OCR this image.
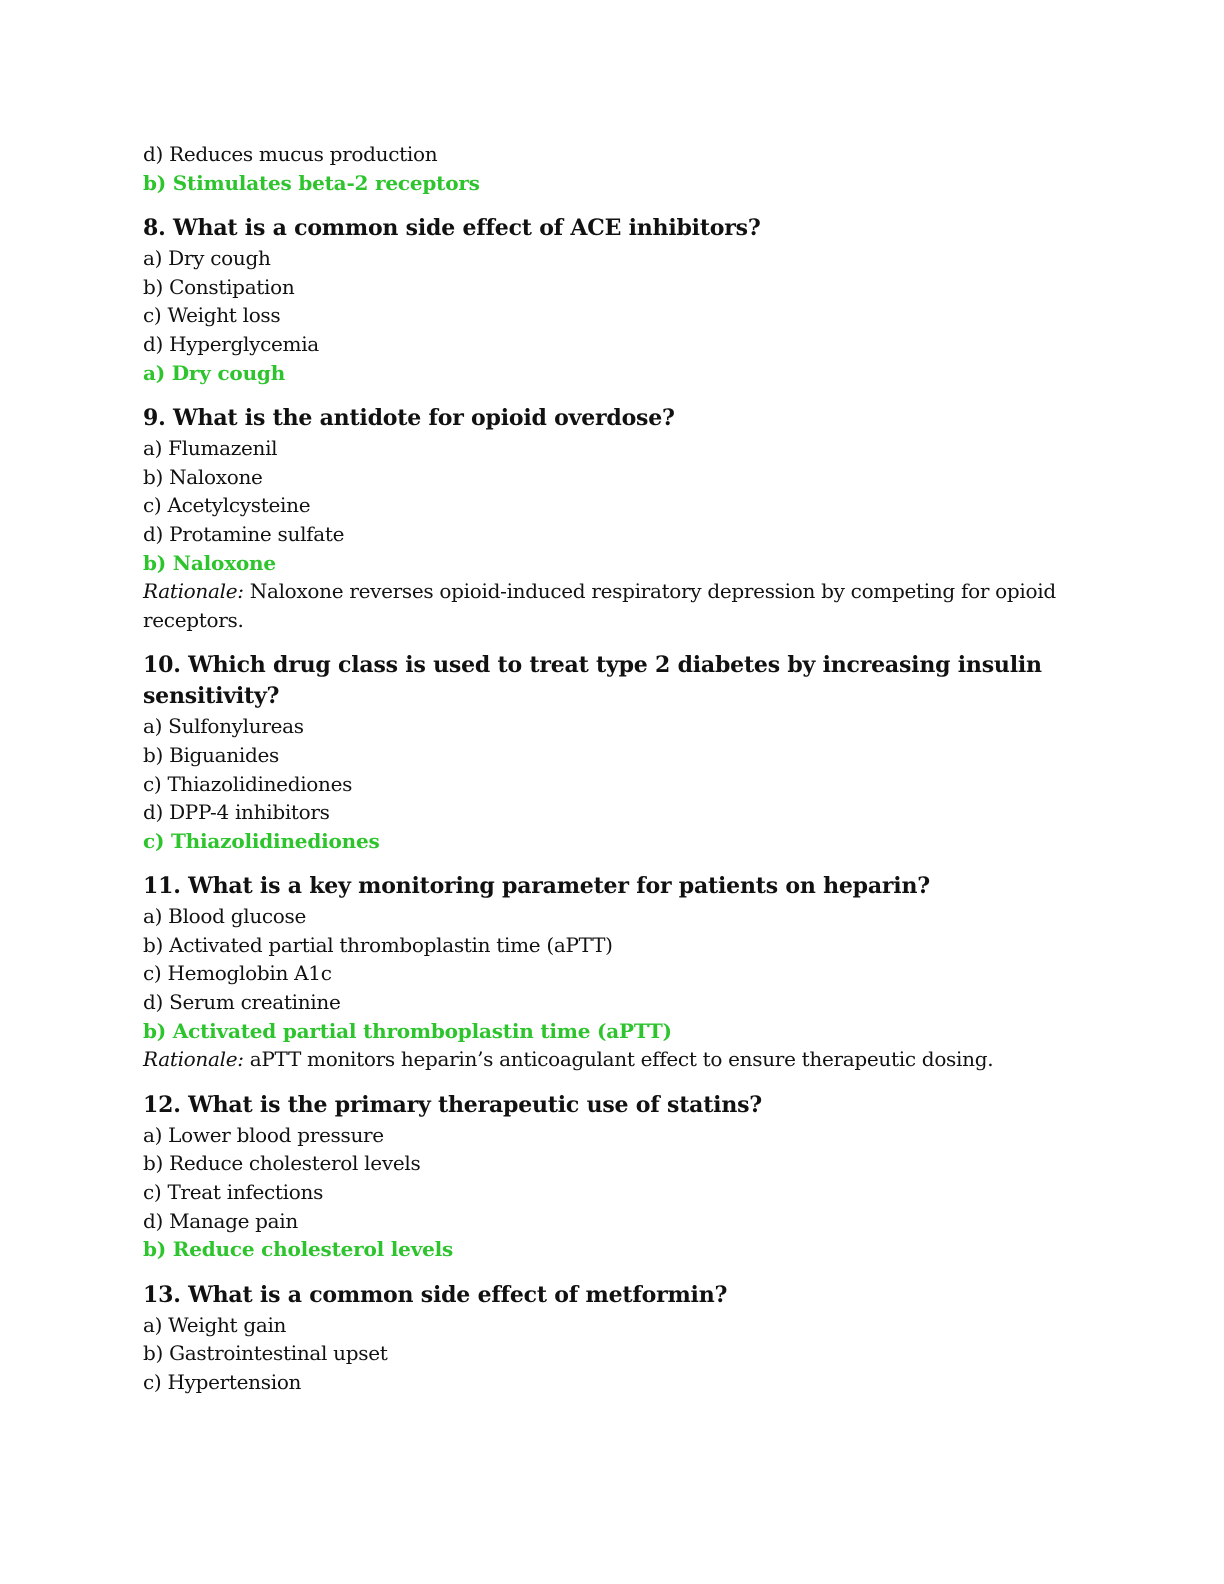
d) Reduces mucus production
b) Stimulates beta-2 receptors
8. What is a common side effect of ACE inhibitors?
a) Dry cough
b) Constipation
c) Weight loss
d) Hyperglycemia
a) Dry cough
9. What is the antidote for opioid overdose?
a) Flumazenil
b) Naloxone
c) Acetylcysteine
d) Protamine sulfate
b) Naloxone
Rationale: Naloxone reverses opioid-induced respiratory depression by competing for opioid receptors.
10. Which drug class is used to treat type 2 diabetes by increasing insulin sensitivity?
a) Sulfonylureas
b) Biguanides
c) Thiazolidinediones
d) DPP-4 inhibitors
c) Thiazolidinediones
11. What is a key monitoring parameter for patients on heparin?
a) Blood glucose
b) Activated partial thromboplastin time (aPTT)
c) Hemoglobin A1c
d) Serum creatinine
b) Activated partial thromboplastin time (aPTT)
Rationale: aPTT monitors heparin’s anticoagulant effect to ensure therapeutic dosing.
12. What is the primary therapeutic use of statins?
a) Lower blood pressure
b) Reduce cholesterol levels
c) Treat infections
d) Manage pain
b) Reduce cholesterol levels
13. What is a common side effect of metformin?
a) Weight gain
b) Gastrointestinal upset
c) Hypertension
